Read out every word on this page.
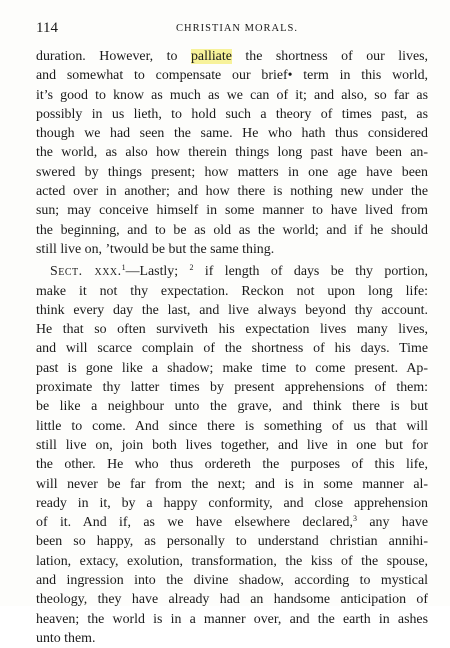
114	CHRISTIAN MORALS.
duration. However, to palliate the shortness of our lives,
and somewhat to compensate our brief• term in this world,
it’s good to know as much as we can of it; and also, so far as
possibly in us lieth, to hold such a theory of times past, as
though we had seen the same. He who hath thus considered
the world, as also how therein things long past have been an-
swered by things present; how matters in one age have been
acted over in another; and how there is nothing new under the
sun; may conceive himself in some manner to have lived from
the beginning, and to be as old as the world; and if he should
still live on, ’twould be but the same thing.
Sect. xxx.$^1$—Lastly; $^2$ if length of days be thy portion,
make it not thy expectation. Reckon not upon long life:
think every day the last, and live always beyond thy account.
He that so often surviveth his expectation lives many lives,
and will scarce complain of the shortness of his days. Time
past is gone like a shadow; make time to come present. Ap-
proximate thy latter times by present apprehensions of them:
be like a neighbour unto the grave, and think there is but
little to come. And since there is something of us that will
still live on, join both lives together, and live in one but for
the other. He who thus ordereth the purposes of this life,
will never be far from the next; and is in some manner al-
ready in it, by a happy conformity, and close apprehension
of it. And if, as we have elsewhere declared,$^3$ any have
been so happy, as personally to understand christian annihi-
lation, extacy, exolution, transformation, the kiss of the spouse,
and ingression into the divine shadow, according to mystical
theology, they have already had an handsome anticipation of
heaven; the world is in a manner over, and the earth in ashes
unto them.
